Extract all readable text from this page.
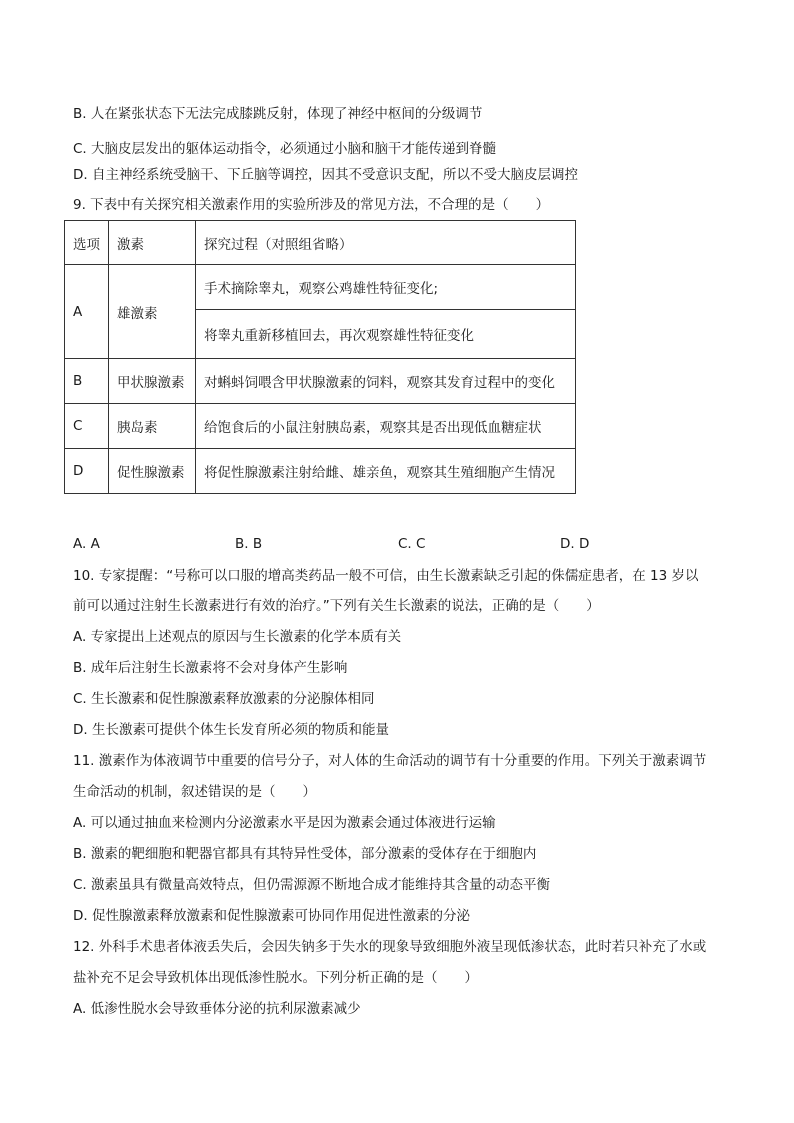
B. 人在紧张状态下无法完成膝跳反射，体现了神经中枢间的分级调节
C. 大脑皮层发出的躯体运动指令，必须通过小脑和脑干才能传递到脊髓
D. 自主神经系统受脑干、下丘脑等调控，因其不受意识支配，所以不受大脑皮层调控
9. 下表中有关探究相关激素作用的实验所涉及的常见方法，不合理的是（　　）
选项	激素	探究过程（对照组省略）
A	雄激素	手术摘除睾丸，观察公鸡雄性特征变化;
		将睾丸重新移植回去，再次观察雄性特征变化
B	甲状腺激素	对蝌蚪饲喂含甲状腺激素的饲料，观察其发育过程中的变化
C	胰岛素	给饱食后的小鼠注射胰岛素，观察其是否出现低血糖症状
D	促性腺激素	将促性腺激素注射给雌、雄亲鱼，观察其生殖细胞产生情况
A. A	B. B	C. C	D. D
10. 专家提醒：“号称可以口服的增高类药品一般不可信，由生长激素缺乏引起的侏儒症患者，在 13 岁以
前可以通过注射生长激素进行有效的治疗。”下列有关生长激素的说法，正确的是（　　）
A. 专家提出上述观点的原因与生长激素的化学本质有关
B. 成年后注射生长激素将不会对身体产生影响
C. 生长激素和促性腺激素释放激素的分泌腺体相同
D. 生长激素可提供个体生长发育所必须的物质和能量
11. 激素作为体液调节中重要的信号分子，对人体的生命活动的调节有十分重要的作用。下列关于激素调节
生命活动的机制，叙述错误的是（　　）
A. 可以通过抽血来检测内分泌激素水平是因为激素会通过体液进行运输
B. 激素的靶细胞和靶器官都具有其特异性受体，部分激素的受体存在于细胞内
C. 激素虽具有微量高效特点，但仍需源源不断地合成才能维持其含量的动态平衡
D. 促性腺激素释放激素和促性腺激素可协同作用促进性激素的分泌
12. 外科手术患者体液丢失后，会因失钠多于失水的现象导致细胞外液呈现低渗状态，此时若只补充了水或
盐补充不足会导致机体出现低渗性脱水。下列分析正确的是（　　）
A. 低渗性脱水会导致垂体分泌的抗利尿激素减少
